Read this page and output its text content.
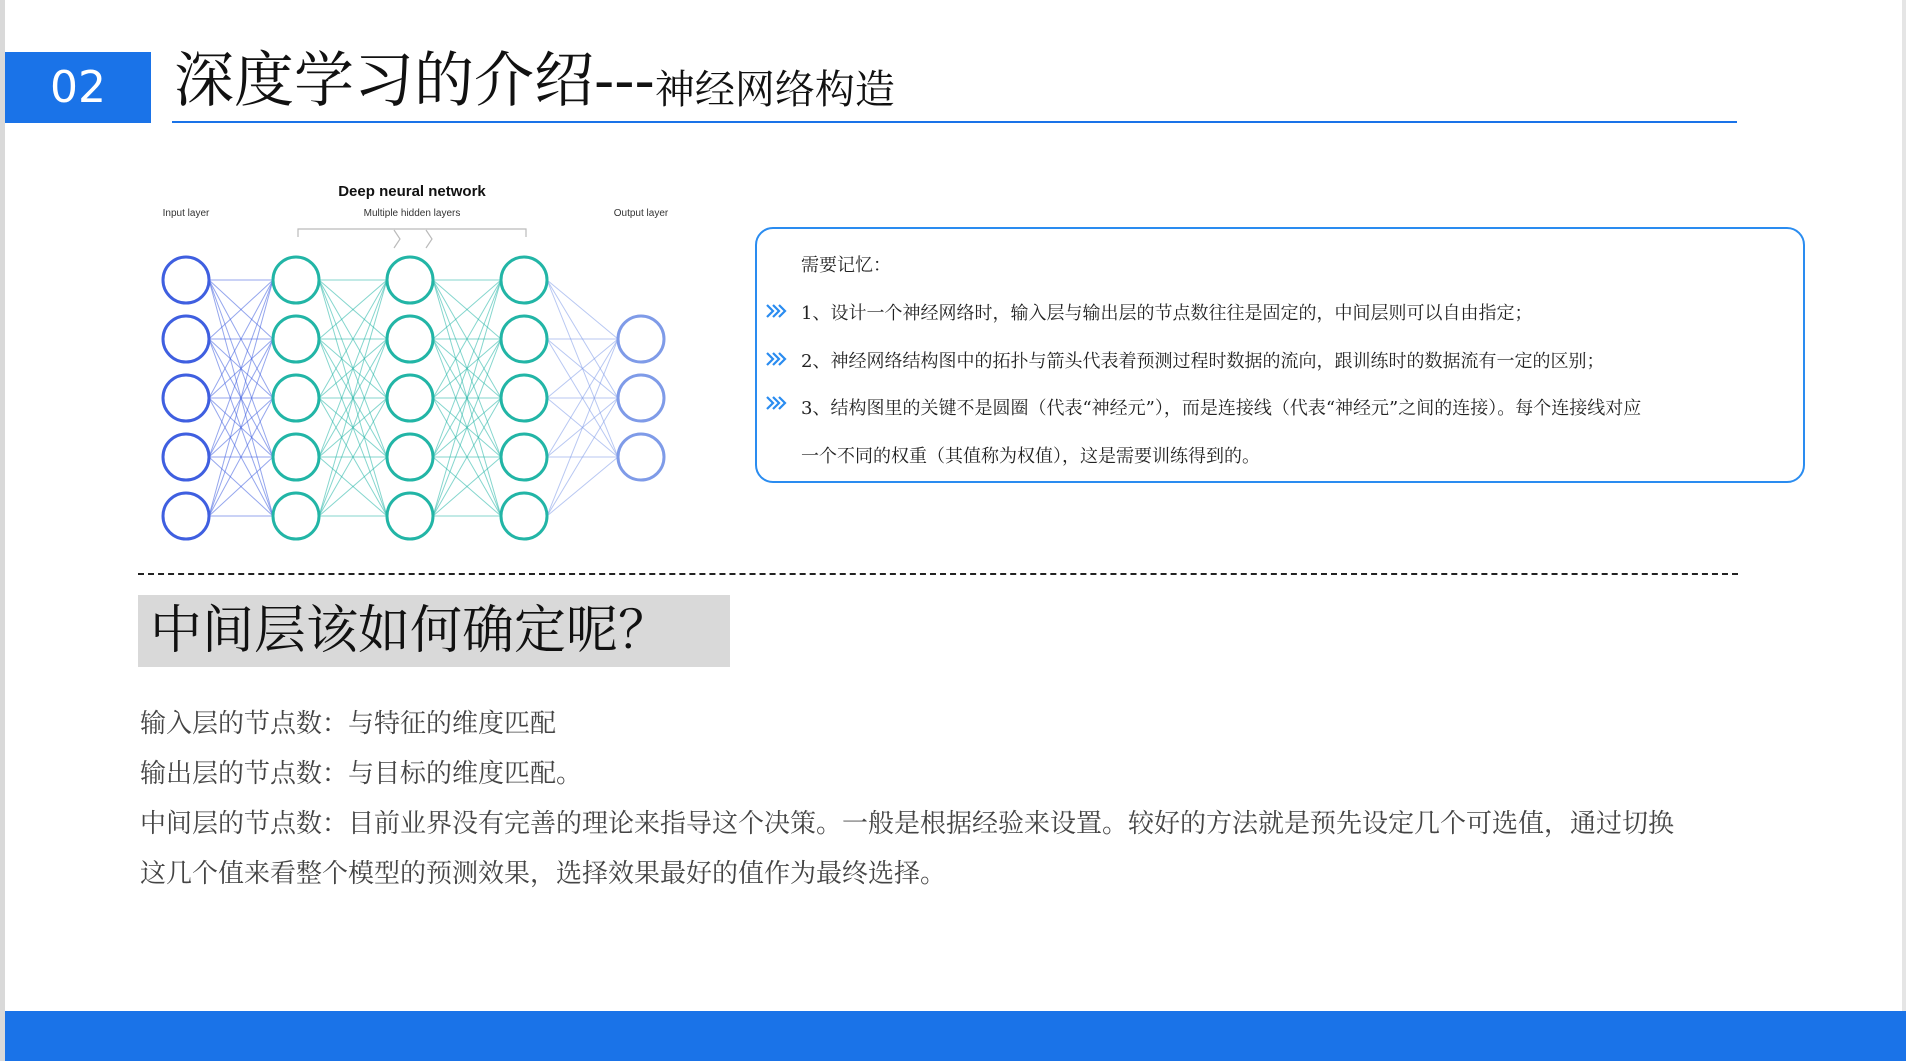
02	深度学习的介绍--- 神经网络构造
Deep neural network
Input layer	Multiple hidden layers	Output layer
需要记忆：
1、设计一个神经网络时，输入层与输出层的节点数往往是固定的，中间层则可以自由指定；
2、神经网络结构图中的拓扑与箭头代表着预测过程时数据的流向，跟训练时的数据流有一定的区别；
3、结构图里的关键不是圆圈（代表“神经元”），而是连接线（代表“神经元”之间的连接）。每个连接线对应
一个不同的权重（其值称为权值），这是需要训练得到的。
中间层该如何确定呢？
输入层的节点数：与特征的维度匹配
输出层的节点数：与目标的维度匹配。
中间层的节点数：目前业界没有完善的理论来指导这个决策。一般是根据经验来设置。较好的方法就是预先设定几个可选值，通过切换
这几个值来看整个模型的预测效果，选择效果最好的值作为最终选择。
